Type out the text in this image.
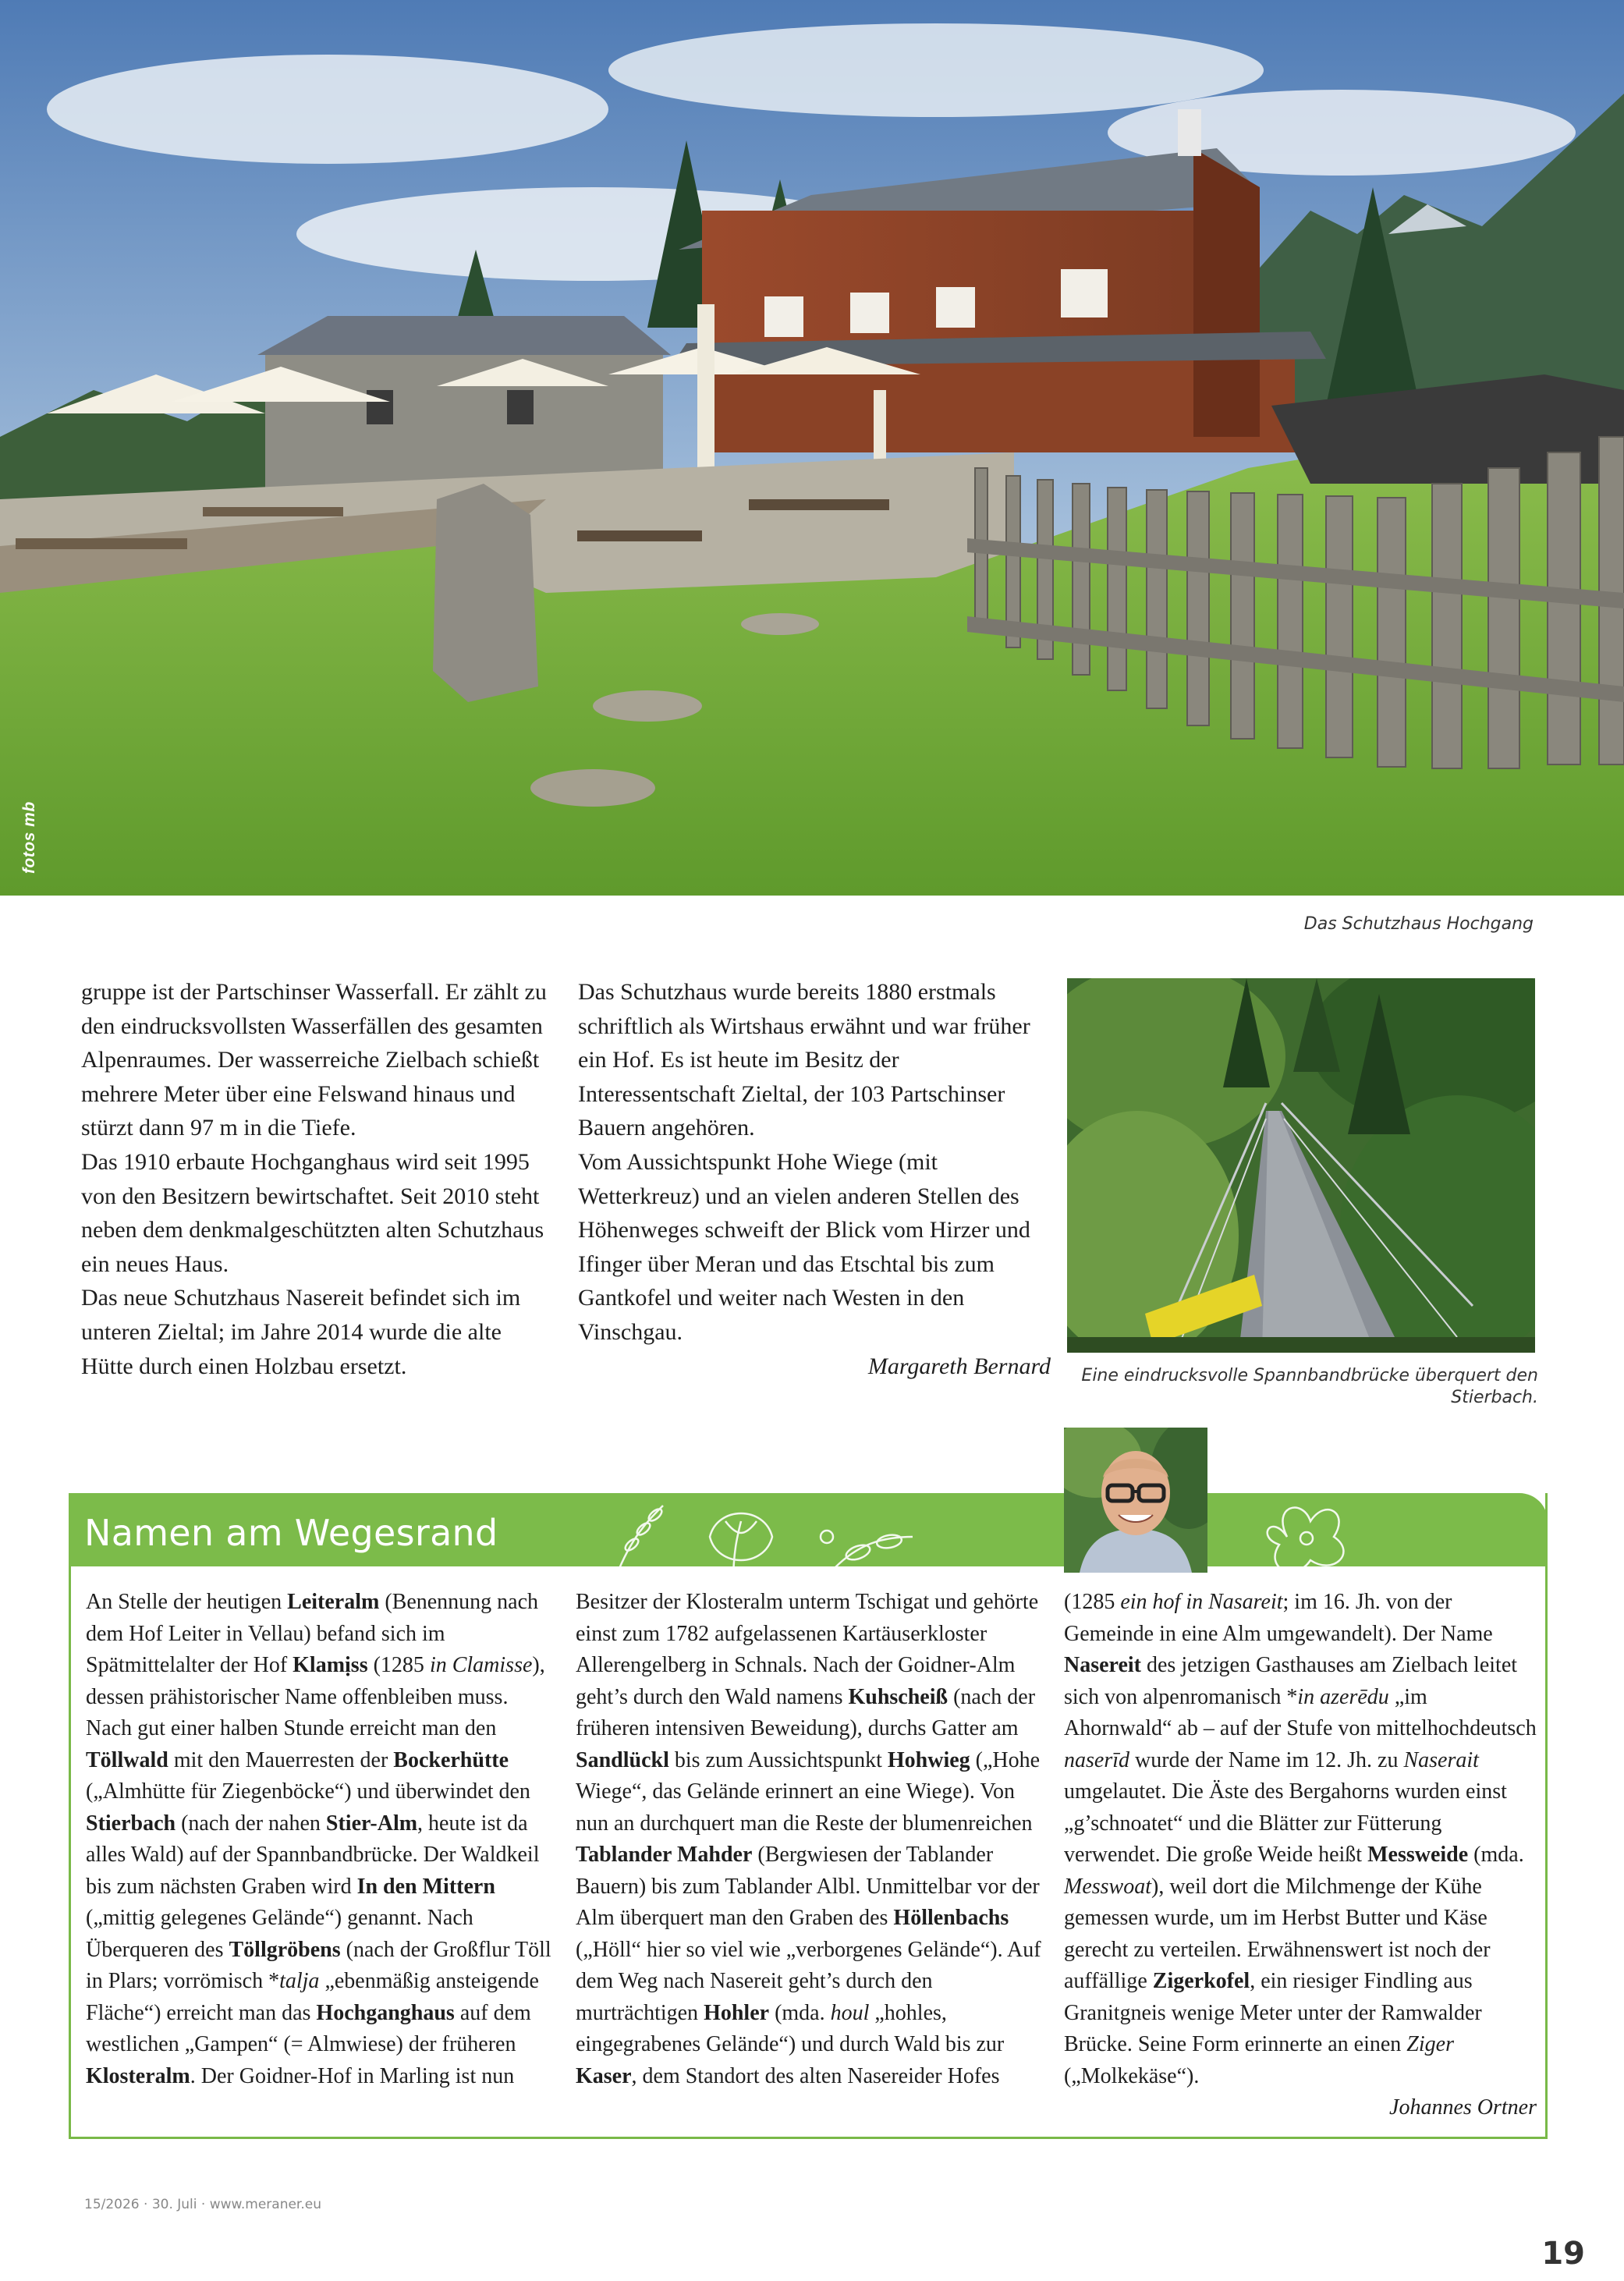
fotos mb
Das Schutzhaus Hochgang

gruppe ist der Partschinser Wasserfall. Er zählt zu den eindrucksvollsten Wasserfällen des gesamten Alpenraumes. Der wasserreiche Zielbach schießt mehrere Meter über eine Felswand hinaus und stürzt dann 97 m in die Tiefe.

Das 1910 erbaute Hochganghaus wird seit 1995 von den Besitzern bewirtschaftet. Seit 2010 steht neben dem denkmalgeschützten alten Schutzhaus ein neues Haus.

Das neue Schutzhaus Nasereit befindet sich im unteren Zieltal; im Jahre 2014 wurde die alte Hütte durch einen Holzbau ersetzt.

Das Schutzhaus wurde bereits 1880 erstmals schriftlich als Wirtshaus erwähnt und war früher ein Hof. Es ist heute im Besitz der Interessentschaft Zieltal, der 103 Partschinser Bauern angehören.

Vom Aussichtspunkt Hohe Wiege (mit Wetterkreuz) und an vielen anderen Stellen des Höhenweges schweift der Blick vom Hirzer und Ifinger über Meran und das Etschtal bis zum Gantkofel und weiter nach Westen in den Vinschgau.

Margareth Bernard	Eine eindrucksvolle Spannbandbrücke überquert den Stierbach.
Namen am Wegesrand
An Stelle der heutigen Leiteralm (Benennung nach dem Hof Leiter in Vellau) befand sich im Spätmittelalter der Hof Klamịss (1285 in Clamisse), dessen prähistorischer Name offenbleiben muss. Nach gut einer halben Stunde erreicht man den Töllwald mit den Mauerresten der Bockerhütte („Almhütte für Ziegenböcke“) und überwindet den Stierbach (nach der nahen Stier-Alm, heute ist da alles Wald) auf der Spannbandbrücke. Der Waldkeil bis zum nächsten Graben wird In den Mittern („mittig gelegenes Gelände“) genannt. Nach Überqueren des Töllgröbens (nach der Großflur Töll in Plars; vorrömisch *talja „ebenmäßig ansteigende Fläche“) erreicht man das Hochganghaus auf dem westlichen „Gampen“ (= Almwiese) der früheren Klosteralm. Der Goidner-Hof in Marling ist nun
Besitzer der Klosteralm unterm Tschigat und gehörte einst zum 1782 aufgelassenen Kartäuserkloster Allerengelberg in Schnals. Nach der Goidner-Alm geht’s durch den Wald namens Kuhscheiß (nach der früheren intensiven Beweidung), durchs Gatter am Sandlückl bis zum Aussichtspunkt Hohwieg („Hohe Wiege“, das Gelände erinnert an eine Wiege). Von nun an durchquert man die Reste der blumenreichen Tablander Mahder (Bergwiesen der Tablander Bauern) bis zum Tablander Albl. Unmittelbar vor der Alm überquert man den Graben des Höllenbachs („Höll“ hier so viel wie „verborgenes Gelände“). Auf dem Weg nach Nasereit geht’s durch den murträchtigen Hohler (mda. houl „hohles, eingegrabenes Gelände“) und durch Wald bis zur Kaser, dem Standort des alten Nasereider Hofes
(1285 ein hof in Nasareit; im 16. Jh. von der Gemeinde in eine Alm umgewandelt). Der Name Nasereit des jetzigen Gasthauses am Zielbach leitet sich von alpenromanisch *in azerēdu „im Ahornwald“ ab – auf der Stufe von mittelhochdeutsch naserīd wurde der Name im 12. Jh. zu Naserait umgelautet. Die Äste des Bergahorns wurden einst „g’schnoatet“ und die Blätter zur Fütterung verwendet. Die große Weide heißt Messweide (mda. Messwoat), weil dort die Milchmenge der Kühe gemessen wurde, um im Herbst Butter und Käse gerecht zu verteilen. Erwähnenswert ist noch der auffällige Zigerkofel, ein riesiger Findling aus Granitgneis wenige Meter unter der Ramwalder Brücke. Seine Form erinnerte an einen Ziger („Molkekäse“).
Johannes Ortner
15/2026 · 30. Juli · www.meraner.eu
19
